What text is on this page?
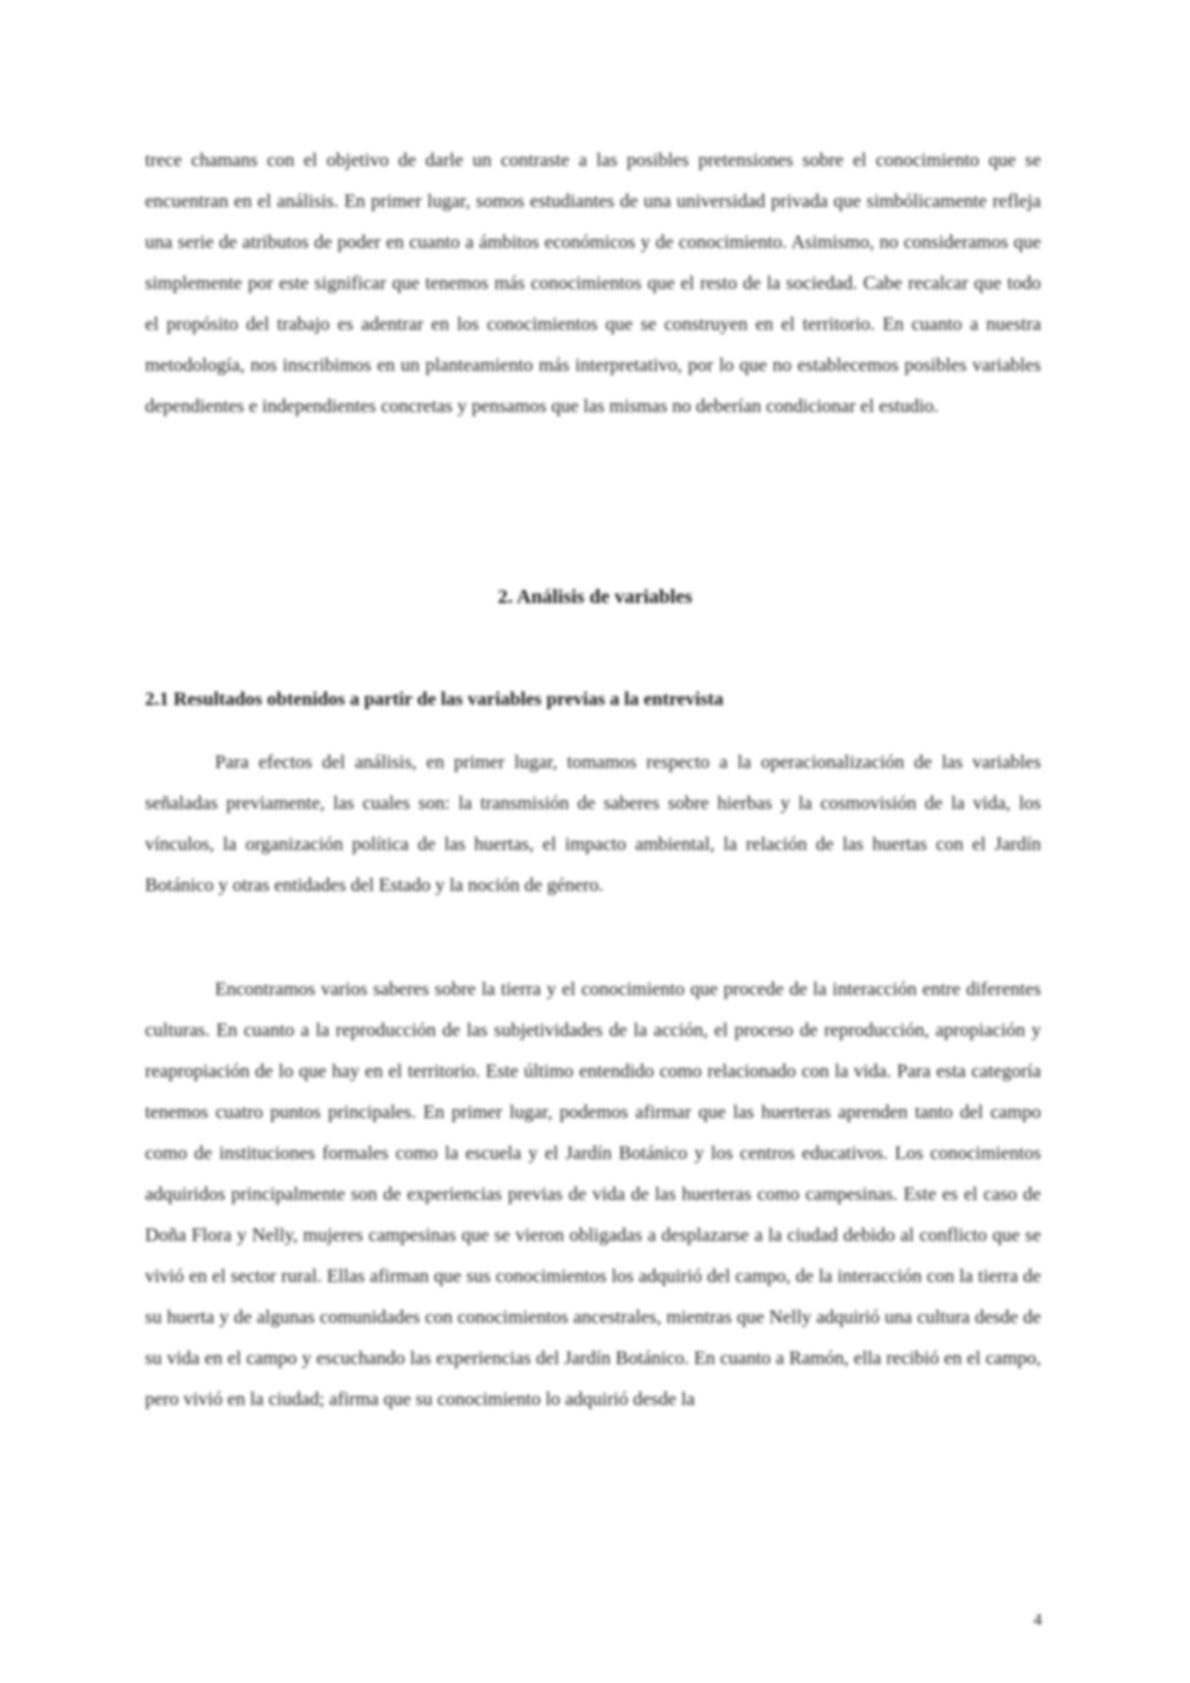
trece chamans con el objetivo de darle un contraste a las posibles pretensiones sobre el conocimiento que se encuentran en el análisis. En primer lugar, somos estudiantes de una universidad privada que simbólicamente refleja una serie de atributos de poder en cuanto a ámbitos económicos y de conocimiento. Asimismo, no consideramos que simplemente por este significar que tenemos más conocimientos que el resto de la sociedad. Cabe recalcar que todo el propósito del trabajo es adentrar en los conocimientos que se construyen en el territorio. En cuanto a nuestra metodología, nos inscribimos en un planteamiento más interpretativo, por lo que no establecemos posibles variables dependientes e independientes concretas y pensamos que las mismas no deberían condicionar el estudio.

2. Análisis de variables
2.1 Resultados obtenidos a partir de las variables previas a la entrevista

Para efectos del análisis, en primer lugar, tomamos respecto a la operacionalización de las variables señaladas previamente, las cuales son: la transmisión de saberes sobre hierbas y la cosmovisión de la vida, los vínculos, la organización política de las huertas, el impacto ambiental, la relación de las huertas con el Jardín Botánico y otras entidades del Estado y la noción de género.

Encontramos varios saberes sobre la tierra y el conocimiento que procede de la interacción entre diferentes culturas. En cuanto a la reproducción de las subjetividades de la acción, el proceso de reproducción, apropiación y reapropiación de lo que hay en el territorio. Este último entendido como relacionado con la vida. Para esta categoría tenemos cuatro puntos principales. En primer lugar, podemos afirmar que las huerteras aprenden tanto del campo como de instituciones formales como la escuela y el Jardín Botánico y los centros educativos. Los conocimientos adquiridos principalmente son de experiencias previas de vida de las huerteras como campesinas. Este es el caso de Doña Flora y Nelly, mujeres campesinas que se vieron obligadas a desplazarse a la ciudad debido al conflicto que se vivió en el sector rural. Ellas afirman que sus conocimientos los adquirió del campo, de la interacción con la tierra de su huerta y de algunas comunidades con conocimientos ancestrales, mientras que Nelly adquirió una cultura desde de su vida en el campo y escuchando las experiencias del Jardín Botánico. En cuanto a Ramón, ella recibió en el campo, pero vivió en la ciudad; afirma que su conocimiento lo adquirió desde la

4
